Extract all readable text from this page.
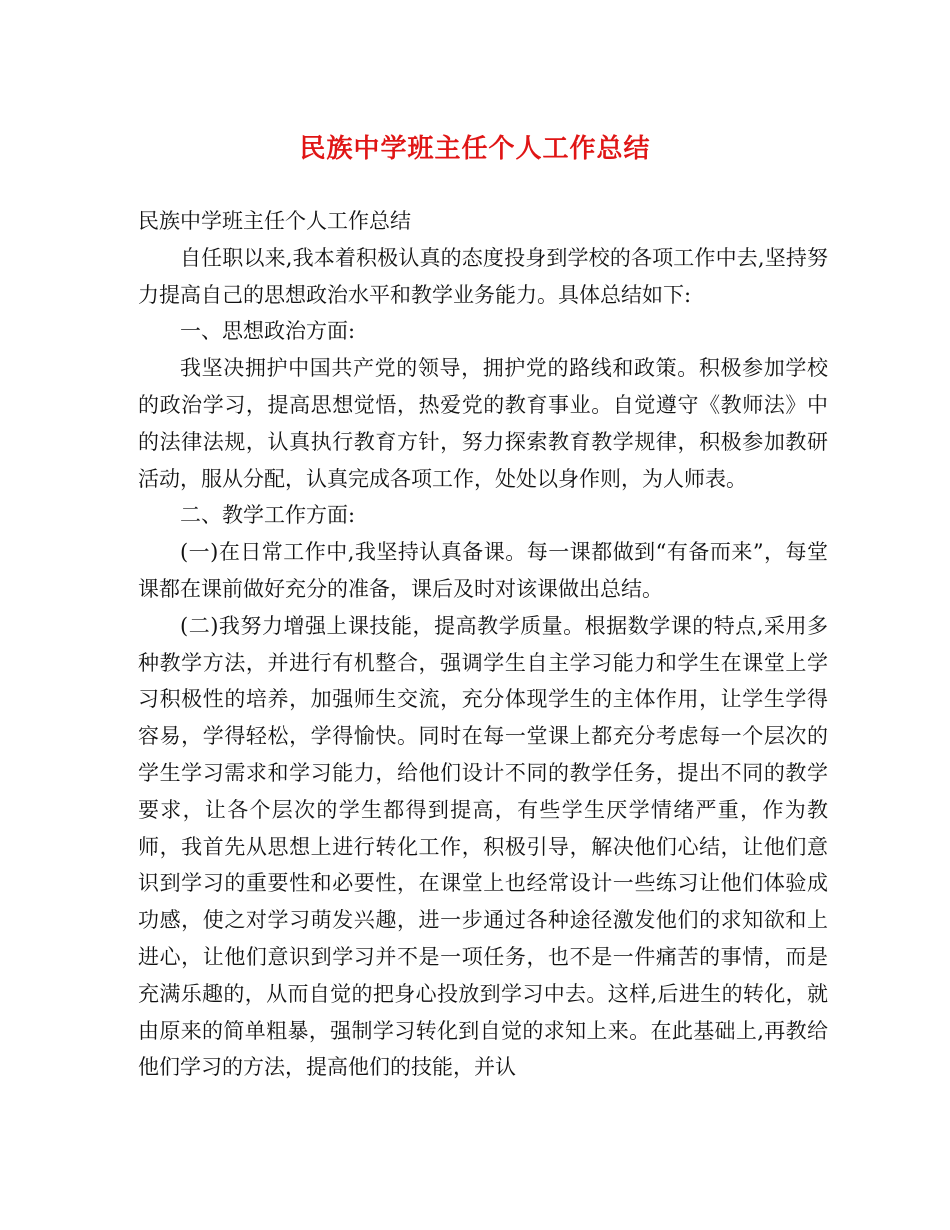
民族中学班主任个人工作总结

民族中学班主任个人工作总结

自任职以来,我本着积极认真的态度投身到学校的各项工作中去,坚持努力提高自己的思想政治水平和教学业务能力。具体总结如下:

一、思想政治方面:

我坚决拥护中国共产党的领导，拥护党的路线和政策。积极参加学校的政治学习，提高思想觉悟，热爱党的教育事业。自觉遵守《教师法》中的法律法规，认真执行教育方针，努力探索教育教学规律，积极参加教研活动，服从分配，认真完成各项工作，处处以身作则，为人师表。

二、教学工作方面:

(一)在日常工作中,我坚持认真备课。每一课都做到“有备而来”，每堂课都在课前做好充分的准备，课后及时对该课做出总结。

(二)我努力增强上课技能，提高教学质量。根据数学课的特点,采用多种教学方法，并进行有机整合，强调学生自主学习能力和学生在课堂上学习积极性的培养，加强师生交流，充分体现学生的主体作用，让学生学得容易，学得轻松，学得愉快。同时在每一堂课上都充分考虑每一个层次的学生学习需求和学习能力，给他们设计不同的教学任务，提出不同的教学要求，让各个层次的学生都得到提高，有些学生厌学情绪严重，作为教师，我首先从思想上进行转化工作，积极引导，解决他们心结，让他们意识到学习的重要性和必要性，在课堂上也经常设计一些练习让他们体验成功感，使之对学习萌发兴趣，进一步通过各种途径激发他们的求知欲和上进心，让他们意识到学习并不是一项任务，也不是一件痛苦的事情，而是充满乐趣的，从而自觉的把身心投放到学习中去。这样,后进生的转化，就由原来的简单粗暴，强制学习转化到自觉的求知上来。在此基础上,再教给他们学习的方法，提高他们的技能，并认
